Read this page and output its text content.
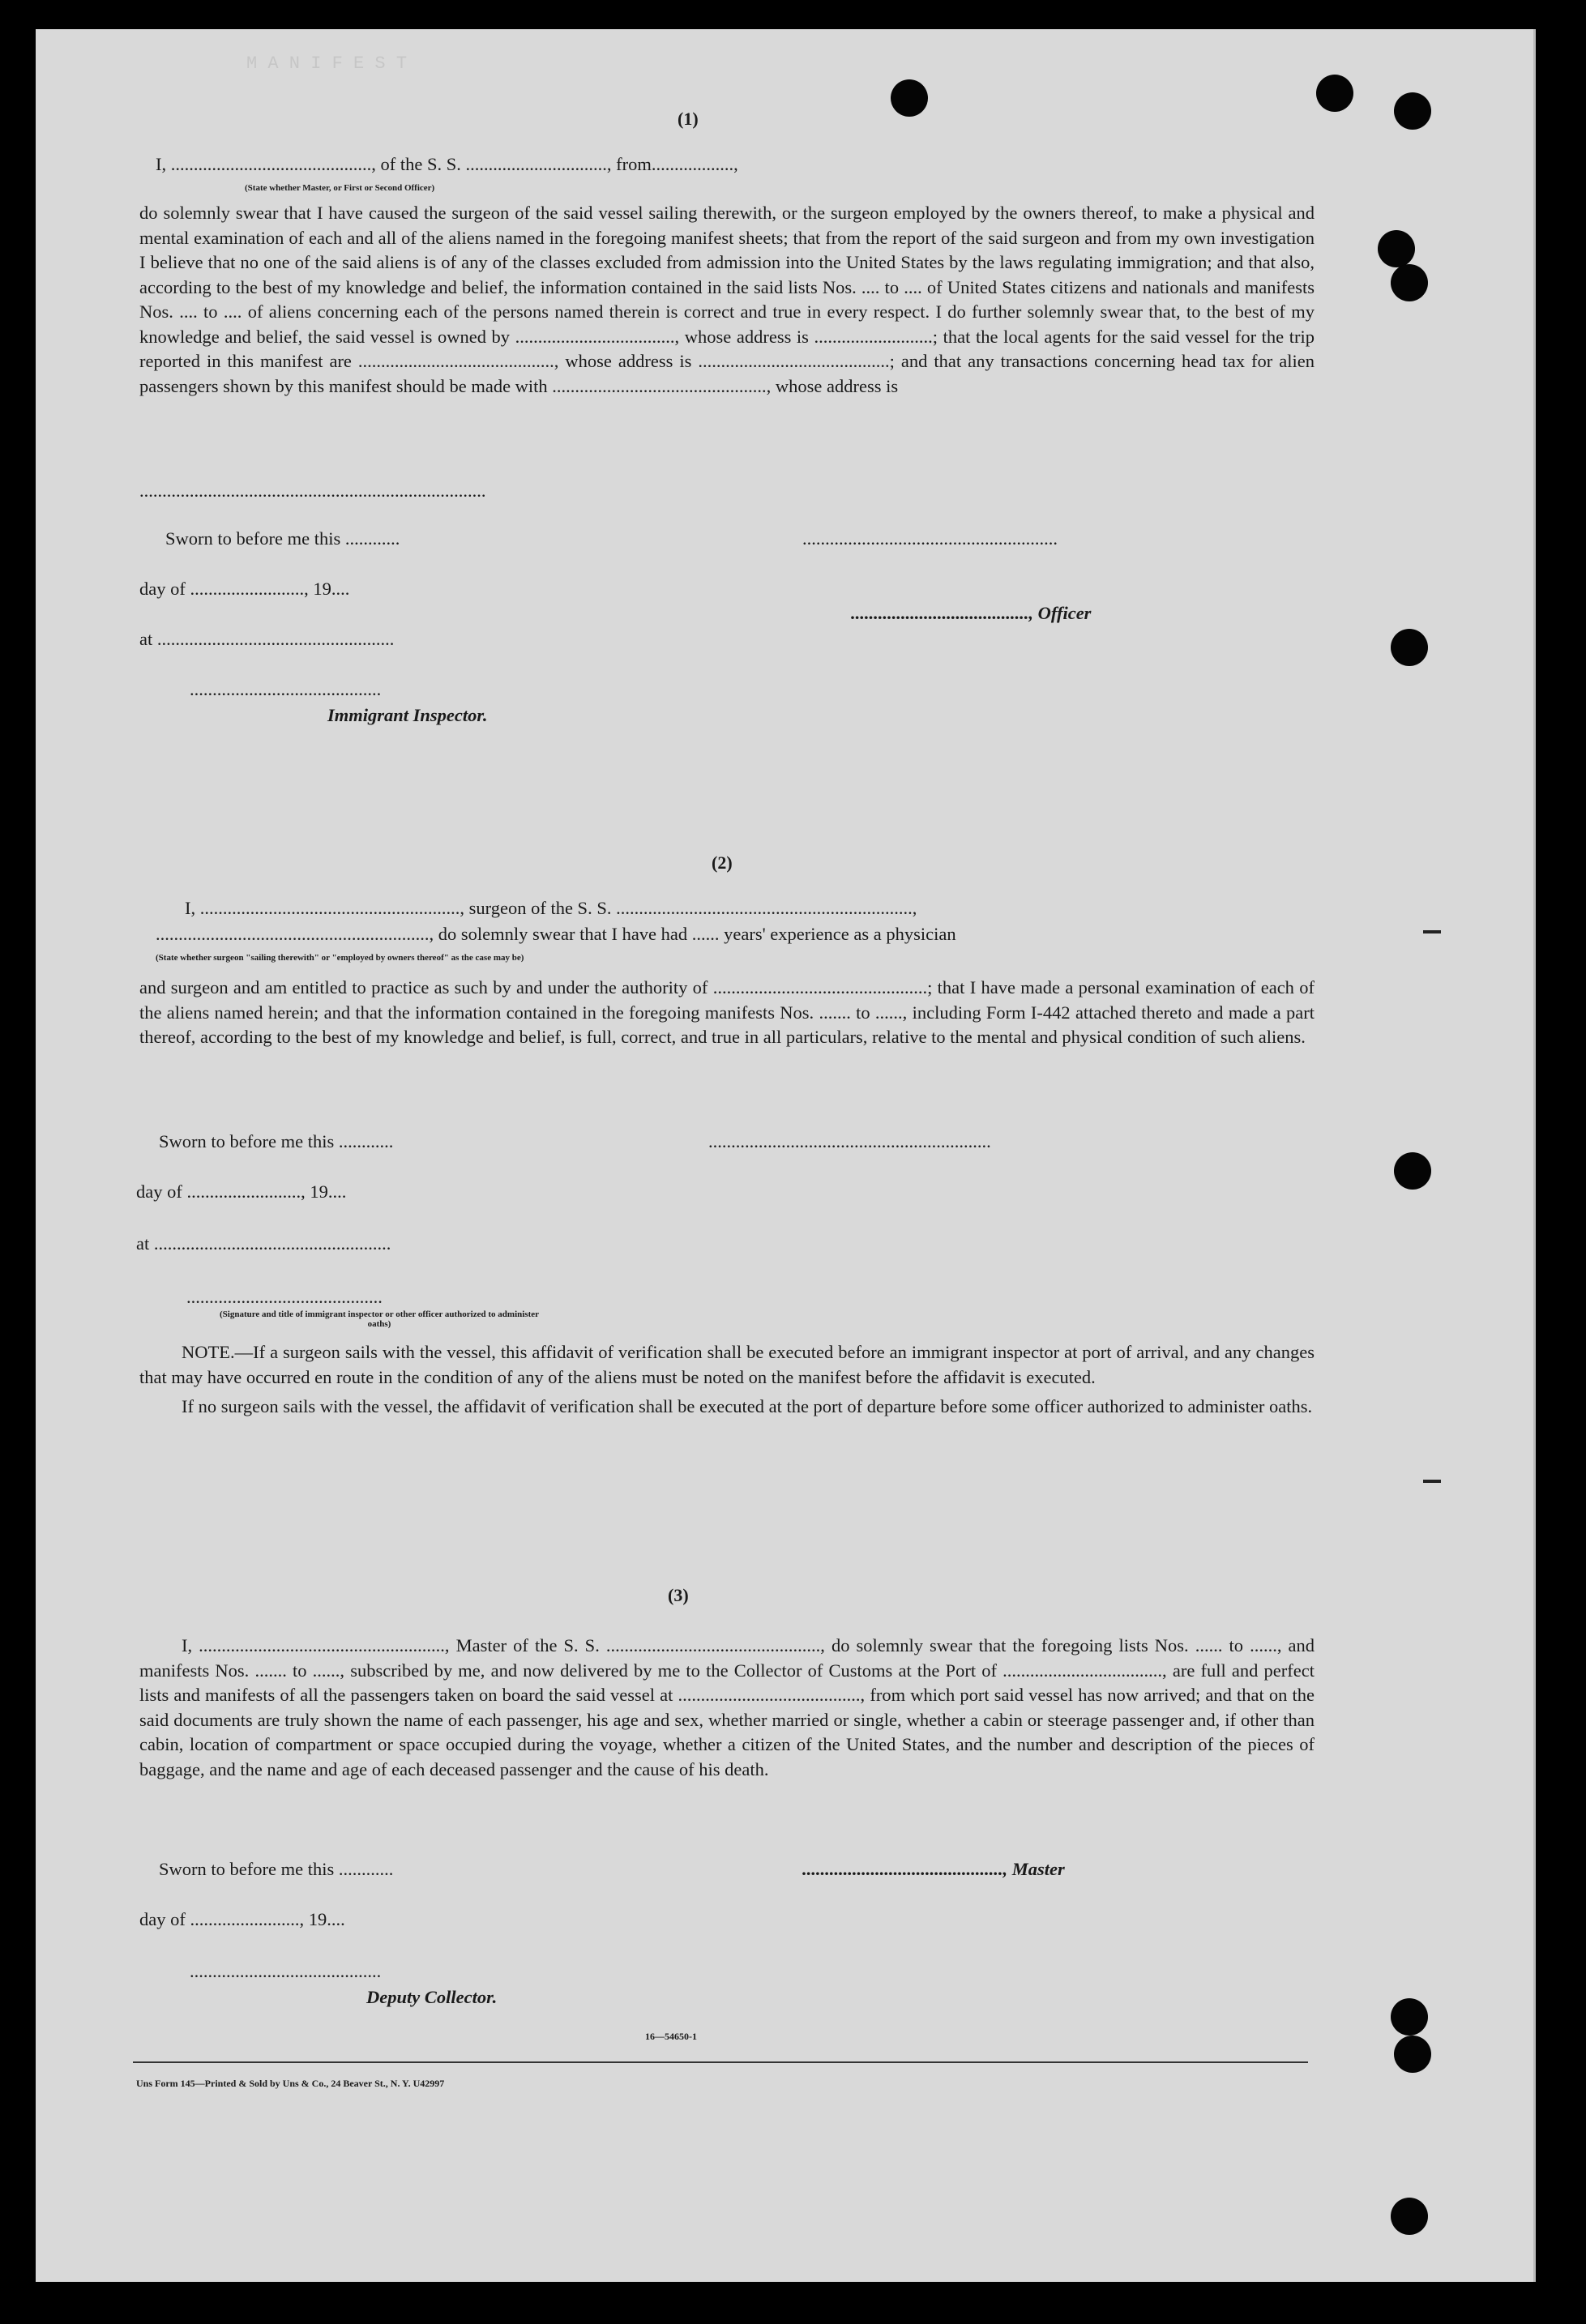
M A N I F E S T
(1)
I, ............................................, of the S. S. ..............................., from..................,
(State whether Master, or First or Second Officer)

do solemnly swear that I have caused the surgeon of the said vessel sailing therewith, or the surgeon employed by the owners thereof, to make a physical and mental examination of each and all of the aliens named in the foregoing manifest sheets; that from the report of the said surgeon and from my own investigation I believe that no one of the said aliens is of any of the classes excluded from admission into the United States by the laws regulating immigration; and that also, according to the best of my knowledge and belief, the information contained in the said lists Nos. .... to .... of United States citizens and nationals and manifests Nos. .... to .... of aliens concerning each of the persons named therein is correct and true in every respect. I do further solemnly swear that, to the best of my knowledge and belief, the said vessel is owned by ..................................., whose address is ..........................; that the local agents for the said vessel for the trip reported in this manifest are ..........................................., whose address is ..........................................; and that any transactions concerning head tax for alien passengers shown by this manifest should be made with ..............................................., whose address is

............................................................................
Sworn to before me this ............	........................................................
day of ........................., 19....
......................................., Officer
at ....................................................
..........................................
Immigrant Inspector.
(2)
I, ........................................................., surgeon of the S. S. .................................................................,
............................................................, do solemnly swear that I have had ...... years' experience as a physician
(State whether surgeon "sailing therewith" or "employed by owners thereof" as the case may be)

and surgeon and am entitled to practice as such by and under the authority of ...............................................; that I have made a personal examination of each of the aliens named herein; and that the information contained in the foregoing manifests Nos. ....... to ......, including Form I-442 attached thereto and made a part thereof, according to the best of my knowledge and belief, is full, correct, and true in all particulars, relative to the mental and physical condition of such aliens.

Sworn to before me this ............	..............................................................
day of ........................., 19....
at ....................................................
...........................................
(Signature and title of immigrant inspector or other officer authorized to administer oaths)

NOTE.—If a surgeon sails with the vessel, this affidavit of verification shall be executed before an immigrant inspector at port of arrival, and any changes that may have occurred en route in the condition of any of the aliens must be noted on the manifest before the affidavit is executed.

If no surgeon sails with the vessel, the affidavit of verification shall be executed at the port of departure before some officer authorized to administer oaths.

(3)

I, ......................................................, Master of the S. S. ..............................................., do solemnly swear that the foregoing lists Nos. ...... to ......, and manifests Nos. ....... to ......, subscribed by me, and now delivered by me to the Collector of Customs at the Port of ..................................., are full and perfect lists and manifests of all the passengers taken on board the said vessel at ........................................, from which port said vessel has now arrived; and that on the said documents are truly shown the name of each passenger, his age and sex, whether married or single, whether a cabin or steerage passenger and, if other than cabin, location of compartment or space occupied during the voyage, whether a citizen of the United States, and the number and description of the pieces of baggage, and the name and age of each deceased passenger and the cause of his death.

Sworn to before me this ............	............................................, Master
day of ........................, 19....
..........................................
Deputy Collector.
16—54650-1
Uns Form 145—Printed & Sold by Uns & Co., 24 Beaver St., N. Y. U42997
